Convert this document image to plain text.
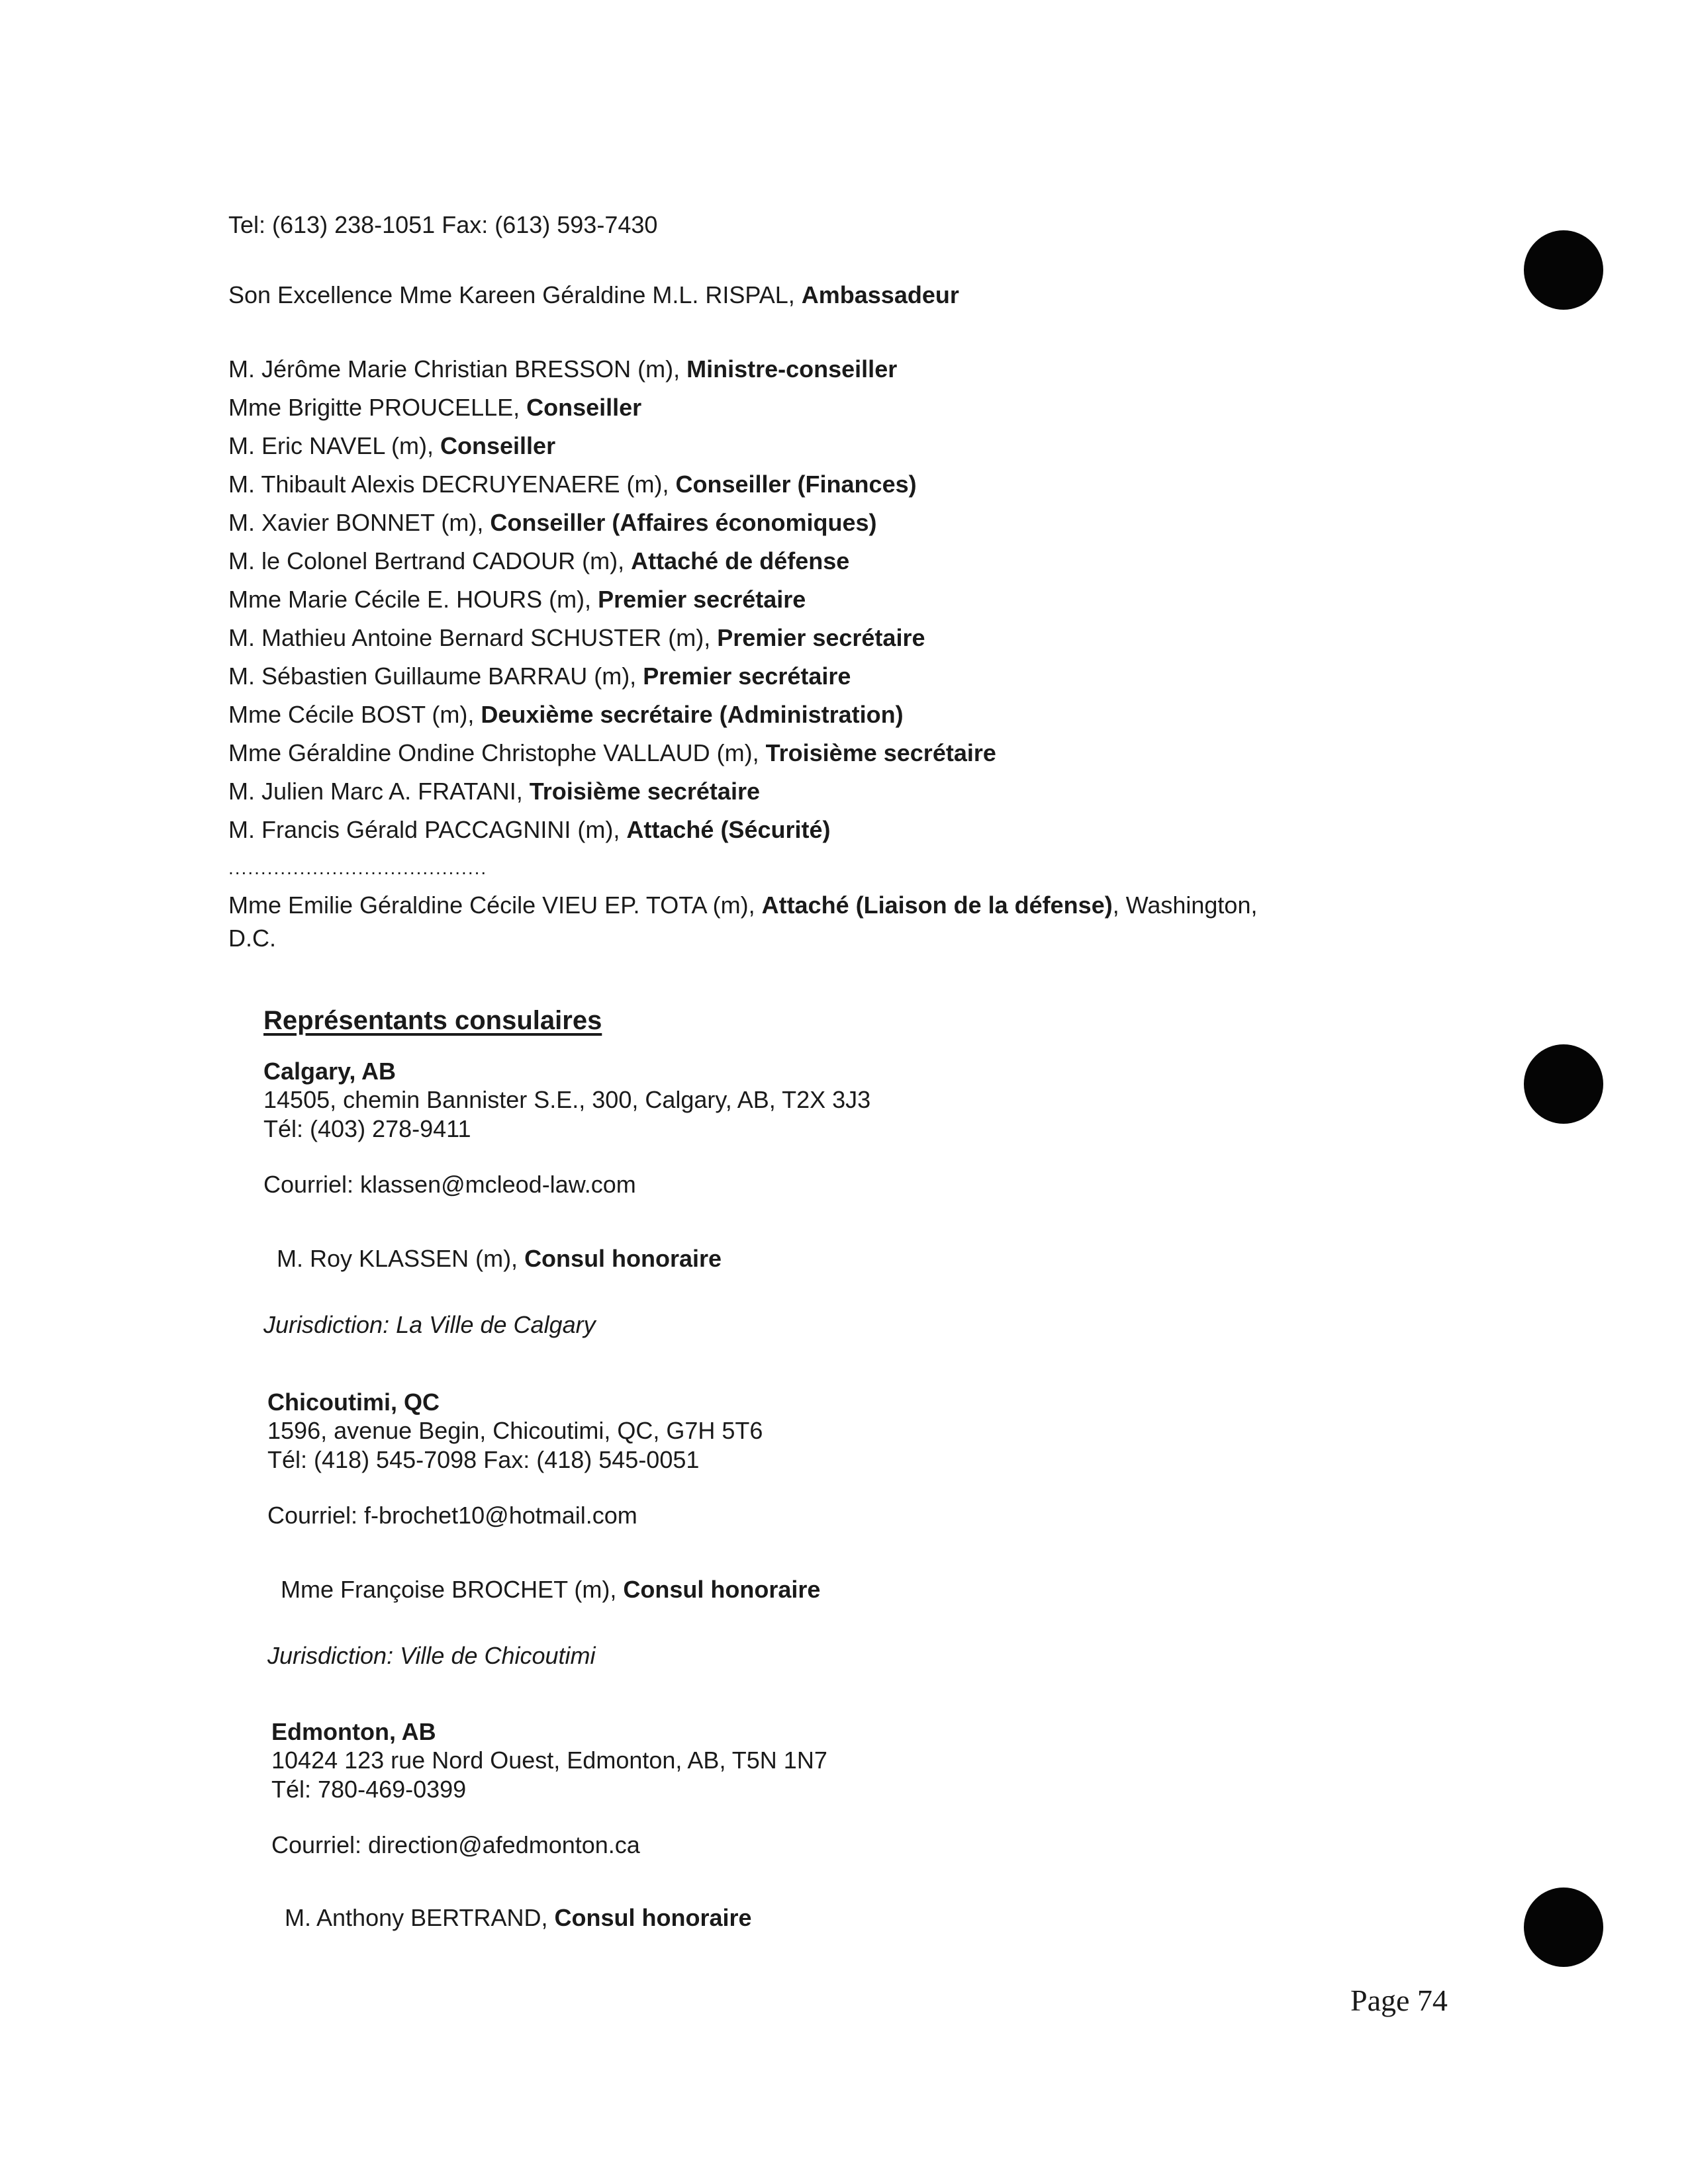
Tel: (613) 238-1051 Fax: (613) 593-7430
Son Excellence Mme Kareen Géraldine M.L. RISPAL, Ambassadeur
M. Jérôme Marie Christian BRESSON (m), Ministre-conseiller
Mme Brigitte PROUCELLE, Conseiller
M. Eric NAVEL (m), Conseiller
M. Thibault Alexis DECRUYENAERE (m), Conseiller (Finances)
M. Xavier BONNET (m), Conseiller (Affaires économiques)
M. le Colonel Bertrand CADOUR (m), Attaché de défense
Mme Marie Cécile E. HOURS (m), Premier secrétaire
M. Mathieu Antoine Bernard SCHUSTER (m), Premier secrétaire
M. Sébastien Guillaume BARRAU (m), Premier secrétaire
Mme Cécile BOST (m), Deuxième secrétaire (Administration)
Mme Géraldine Ondine Christophe VALLAUD (m), Troisième secrétaire
M. Julien Marc A. FRATANI, Troisième secrétaire
M. Francis Gérald PACCAGNINI (m), Attaché (Sécurité)
........................................
Mme Emilie Géraldine Cécile VIEU EP. TOTA (m), Attaché (Liaison de la défense), Washington,
D.C.
Représentants consulaires
Calgary, AB
14505, chemin Bannister S.E., 300, Calgary, AB, T2X 3J3
Tél: (403) 278-9411
Courriel: klassen@mcleod-law.com
M. Roy KLASSEN (m), Consul honoraire
Jurisdiction: La Ville de Calgary
Chicoutimi, QC
1596, avenue Begin, Chicoutimi, QC, G7H 5T6
Tél: (418) 545-7098 Fax: (418) 545-0051
Courriel: f-brochet10@hotmail.com
Mme Françoise BROCHET (m), Consul honoraire
Jurisdiction: Ville de Chicoutimi
Edmonton, AB
10424 123 rue Nord Ouest, Edmonton, AB, T5N 1N7
Tél: 780-469-0399
Courriel: direction@afedmonton.ca
M. Anthony BERTRAND, Consul honoraire
Page 74
